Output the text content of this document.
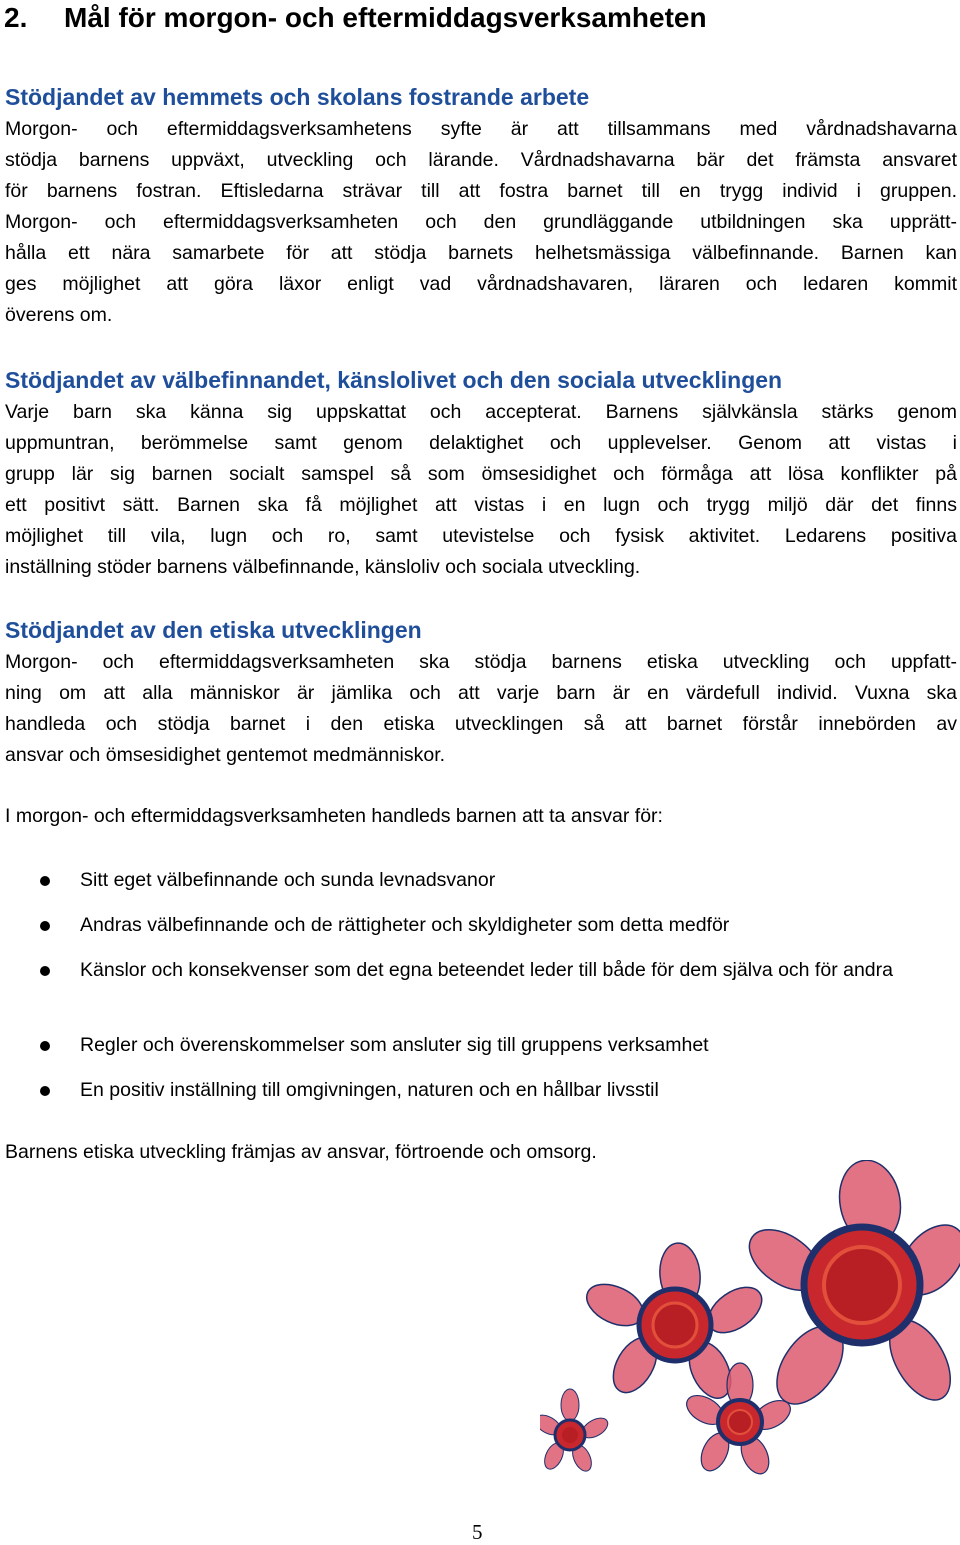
2. Mål för morgon- och eftermiddagsverksamheten
Stödjandet av hemmets och skolans fostrande arbete
Morgon- och eftermiddagsverksamhetens syfte är att tillsammans med vårdnadshavarna
stödja barnens uppväxt, utveckling och lärande. Vårdnadshavarna bär det främsta ansvaret
för barnens fostran. Eftisledarna strävar till att fostra barnet till en trygg individ i gruppen.
Morgon- och eftermiddagsverksamheten och den grundläggande utbildningen ska upprätt-
hålla ett nära samarbete för att stödja barnets helhetsmässiga välbefinnande. Barnen kan
ges möjlighet att göra läxor enligt vad vårdnadshavaren, läraren och ledaren kommit
överens om.
Stödjandet av välbefinnandet, känslolivet och den sociala utvecklingen
Varje barn ska känna sig uppskattat och accepterat. Barnens självkänsla stärks genom
uppmuntran, berömmelse samt genom delaktighet och upplevelser. Genom att vistas i
grupp lär sig barnen socialt samspel så som ömsesidighet och förmåga att lösa konflikter på
ett positivt sätt. Barnen ska få möjlighet att vistas i en lugn och trygg miljö där det finns
möjlighet till vila, lugn och ro, samt utevistelse och fysisk aktivitet. Ledarens positiva
inställning stöder barnens välbefinnande, känsloliv och sociala utveckling.
Stödjandet av den etiska utvecklingen
Morgon- och eftermiddagsverksamheten ska stödja barnens etiska utveckling och uppfatt-
ning om att alla människor är jämlika och att varje barn är en värdefull individ. Vuxna ska
handleda och stödja barnet i den etiska utvecklingen så att barnet förstår innebörden av
ansvar och ömsesidighet gentemot medmänniskor.

I morgon- och eftermiddagsverksamheten handleds barnen att ta ansvar för:

Sitt eget välbefinnande och sunda levnadsvanor
Andras välbefinnande och de rättigheter och skyldigheter som detta medför
Känslor och konsekvenser som det egna beteendet leder till både för dem själva och för andra
Regler och överenskommelser som ansluter sig till gruppens verksamhet
En positiv inställning till omgivningen, naturen och en hållbar livsstil

Barnens etiska utveckling främjas av ansvar, förtroende och omsorg.

5
